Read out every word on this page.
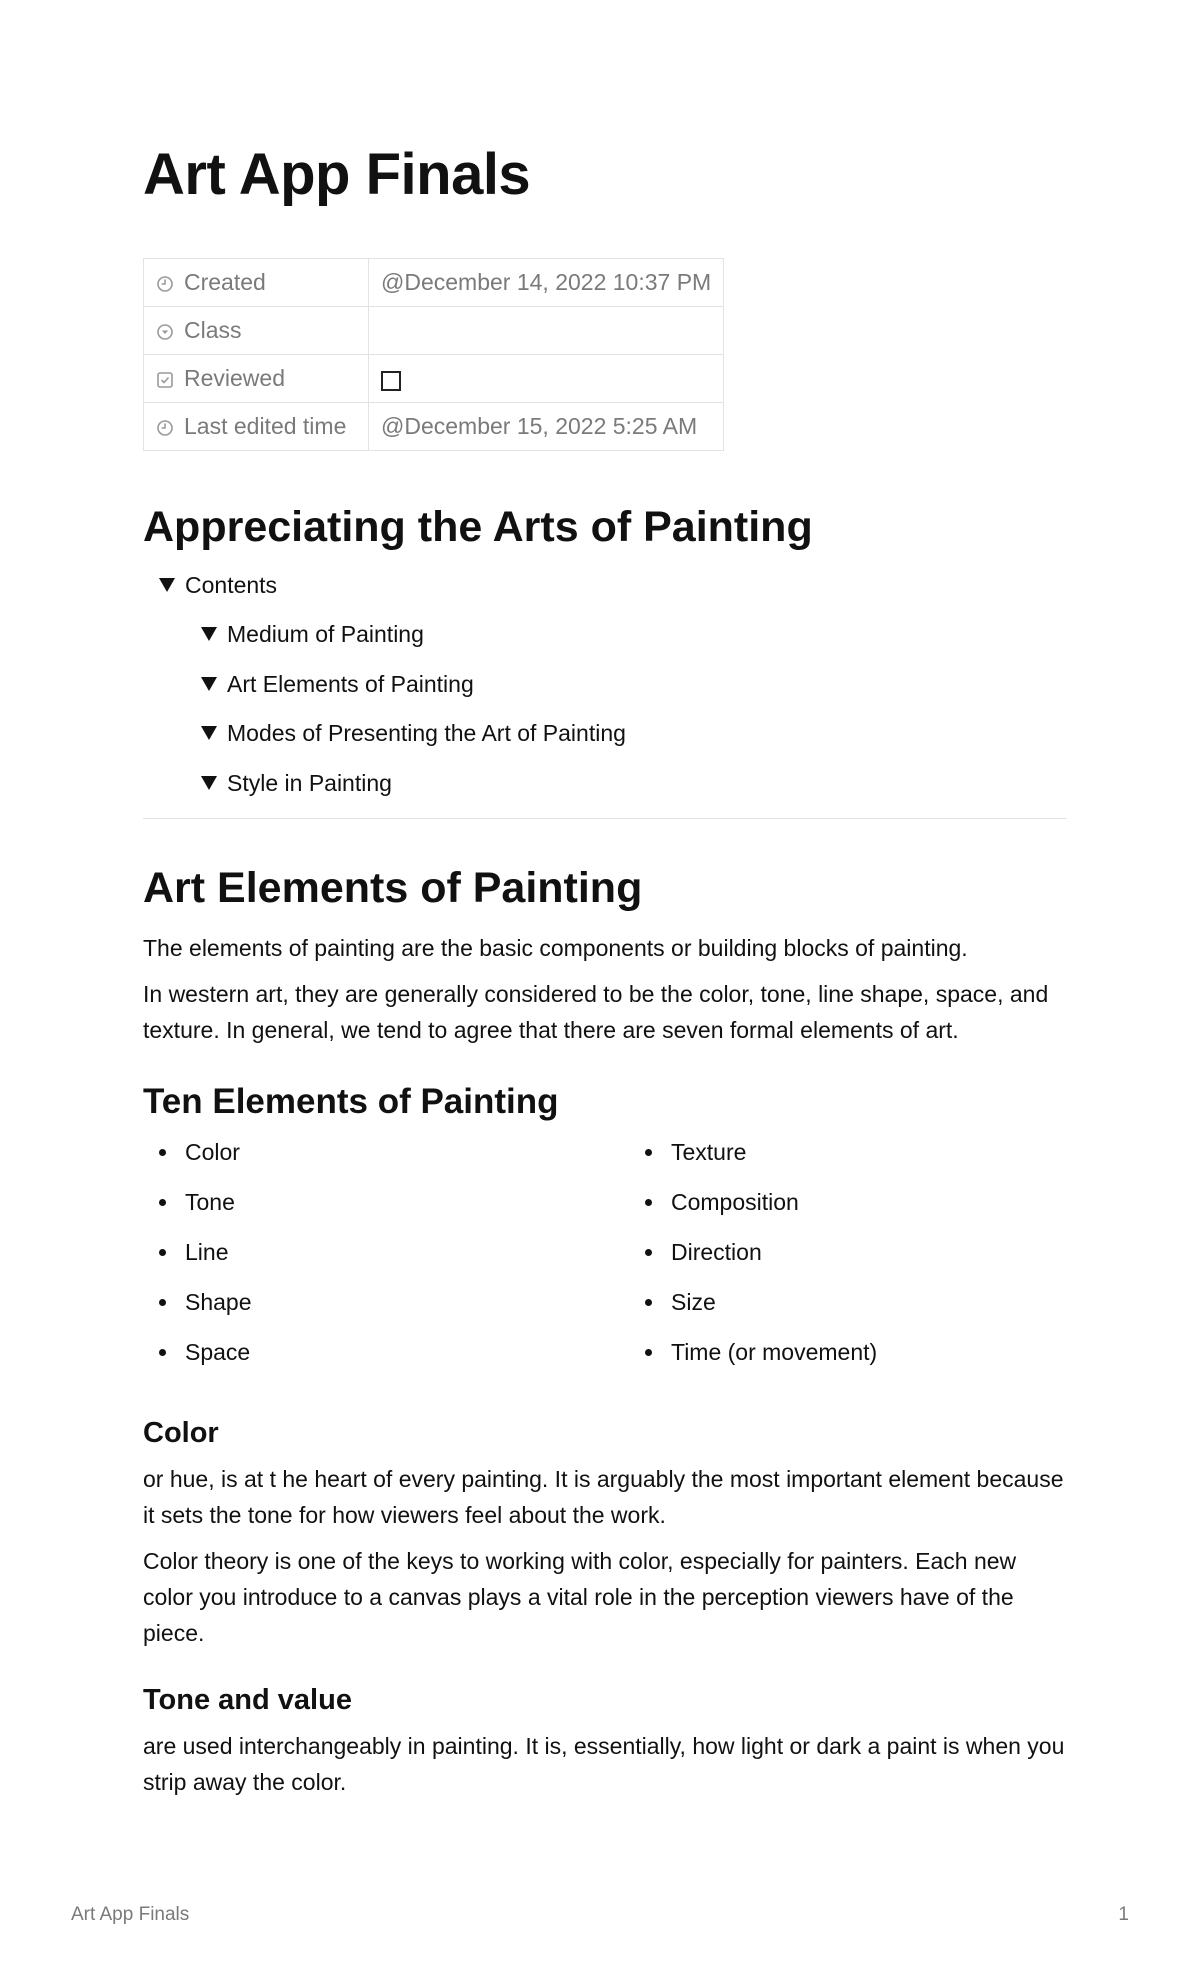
Art App Finals
Created	@December 14, 2022 10:37 PM
Class	
Reviewed	
Last edited time	@December 15, 2022 5:25 AM
Appreciating the Arts of Painting
Contents
Medium of Painting
Art Elements of Painting
Modes of Presenting the Art of Painting
Style in Painting
Art Elements of Painting

The elements of painting are the basic components or building blocks of painting.

In western art, they are generally considered to be the color, tone, line shape, space, and texture. In general, we tend to agree that there are seven formal elements of art.

Ten Elements of Painting
Color
Tone
Line
Shape
Space
Texture
Composition
Direction
Size
Time (or movement)
Color

or hue, is at t he heart of every painting. It is arguably the most important element because it sets the tone for how viewers feel about the work.

Color theory is one of the keys to working with color, especially for painters. Each new color you introduce to a canvas plays a vital role in the perception viewers have of the piece.

Tone and value

are used interchangeably in painting. It is, essentially, how light or dark a paint is when you strip away the color.

Art App Finals	1
